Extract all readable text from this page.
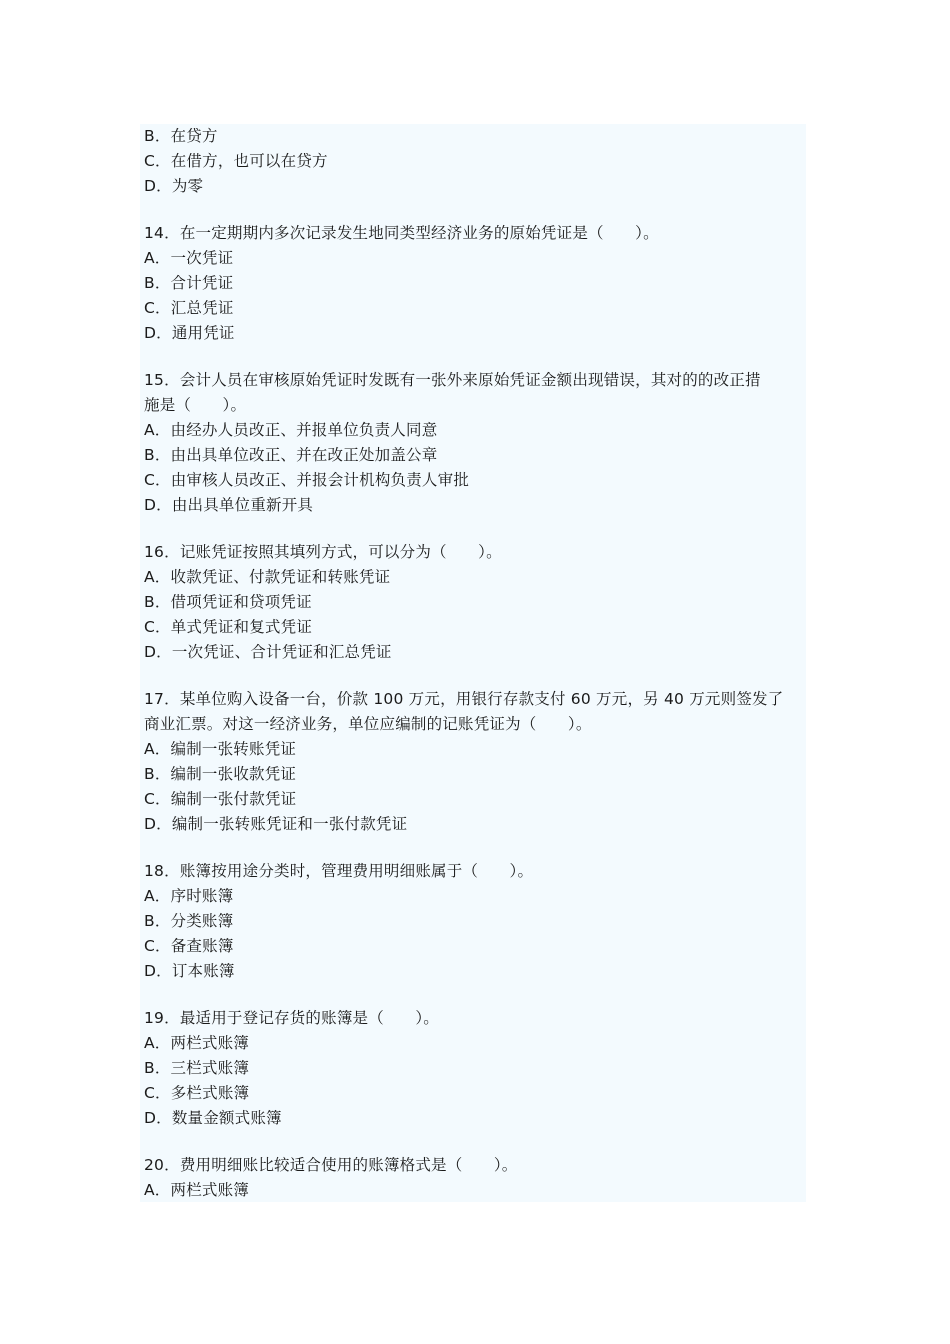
B．在贷方
C．在借方，也可以在贷方
D．为零
14．在一定期期内多次记录发生地同类型经济业务的原始凭证是（　　）。
A．一次凭证
B．合计凭证
C．汇总凭证
D．通用凭证
15．会计人员在审核原始凭证时发既有一张外来原始凭证金额出现错误，其对的的改正措
施是（　　）。
A．由经办人员改正、并报单位负责人同意
B．由出具单位改正、并在改正处加盖公章
C．由审核人员改正、并报会计机构负责人审批
D．由出具单位重新开具
16．记账凭证按照其填列方式，可以分为（　　）。
A．收款凭证、付款凭证和转账凭证
B．借项凭证和贷项凭证
C．单式凭证和复式凭证
D．一次凭证、合计凭证和汇总凭证
17．某单位购入设备一台，价款 100 万元，用银行存款支付 60 万元，另 40 万元则签发了
商业汇票。对这一经济业务，单位应编制的记账凭证为（　　）。
A．编制一张转账凭证
B．编制一张收款凭证
C．编制一张付款凭证
D．编制一张转账凭证和一张付款凭证
18．账簿按用途分类时，管理费用明细账属于（　　）。
A．序时账簿
B．分类账簿
C．备查账簿
D．订本账簿
19．最适用于登记存货的账簿是（　　）。
A．两栏式账簿
B．三栏式账簿
C．多栏式账簿
D．数量金额式账簿
20．费用明细账比较适合使用的账簿格式是（　　）。
A．两栏式账簿
